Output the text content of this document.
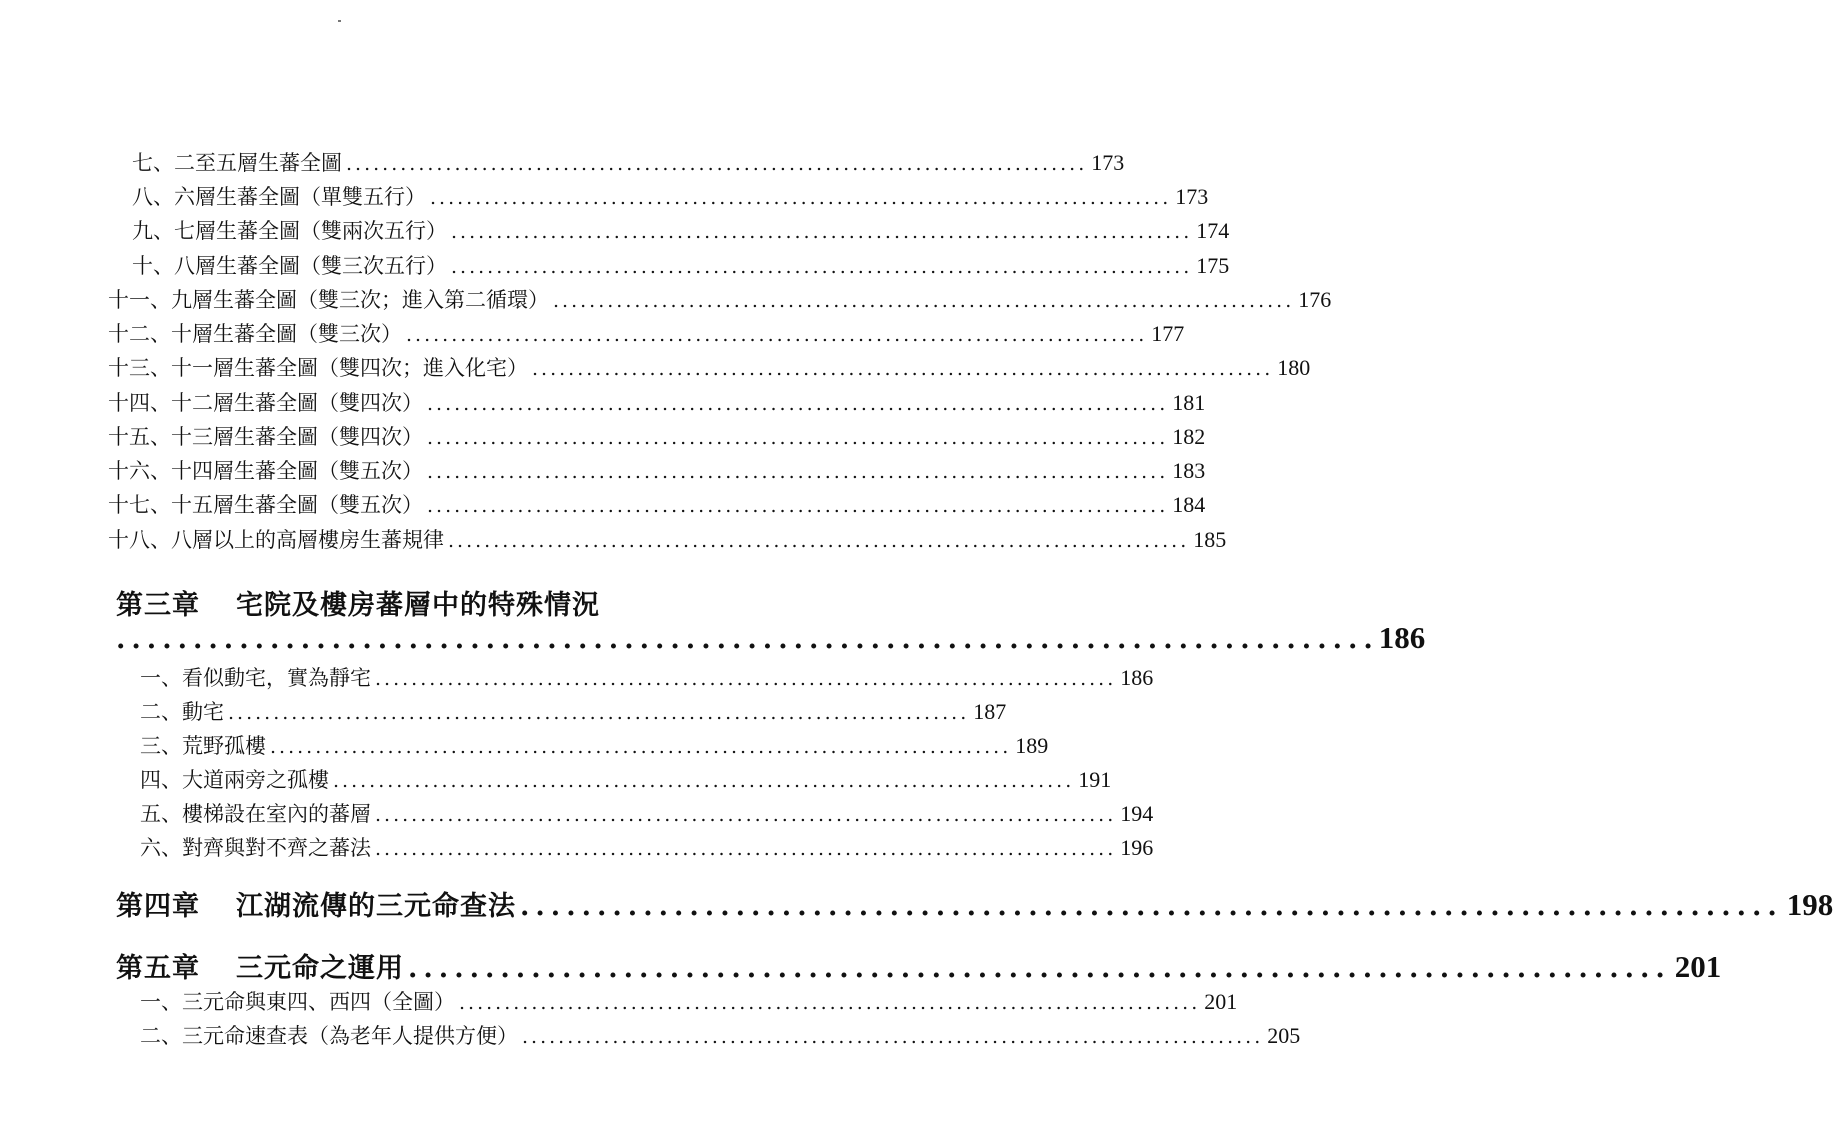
七、二至五層生蕃全圖 .................................................................................. 173
八、六層生蕃全圖（單雙五行） .................................................................................. 173
九、七層生蕃全圖（雙兩次五行） .................................................................................. 174
十、八層生蕃全圖（雙三次五行） .................................................................................. 175
十一、九層生蕃全圖（雙三次；進入第二循環） .................................................................................. 176
十二、十層生蕃全圖（雙三次） .................................................................................. 177
十三、十一層生蕃全圖（雙四次；進入化宅） .................................................................................. 180
十四、十二層生蕃全圖（雙四次） .................................................................................. 181
十五、十三層生蕃全圖（雙四次） .................................................................................. 182
十六、十四層生蕃全圖（雙五次） .................................................................................. 183
十七、十五層生蕃全圖（雙五次） .................................................................................. 184
十八、八層以上的高層樓房生蕃規律 .................................................................................. 185
第三章 宅院及樓房蕃層中的特殊情況
.................................................................................. 186
一、看似動宅，實為靜宅 .................................................................................. 186
二、動宅 .................................................................................. 187
三、荒野孤樓 .................................................................................. 189
四、大道兩旁之孤樓 .................................................................................. 191
五、樓梯設在室內的蕃層 .................................................................................. 194
六、對齊與對不齊之蕃法 .................................................................................. 196
第四章 江湖流傳的三元命查法 .................................................................................. 198
第五章 三元命之運用 .................................................................................. 201
一、三元命與東四、西四（全圖） .................................................................................. 201
二、三元命速查表（為老年人提供方便） .................................................................................. 205
